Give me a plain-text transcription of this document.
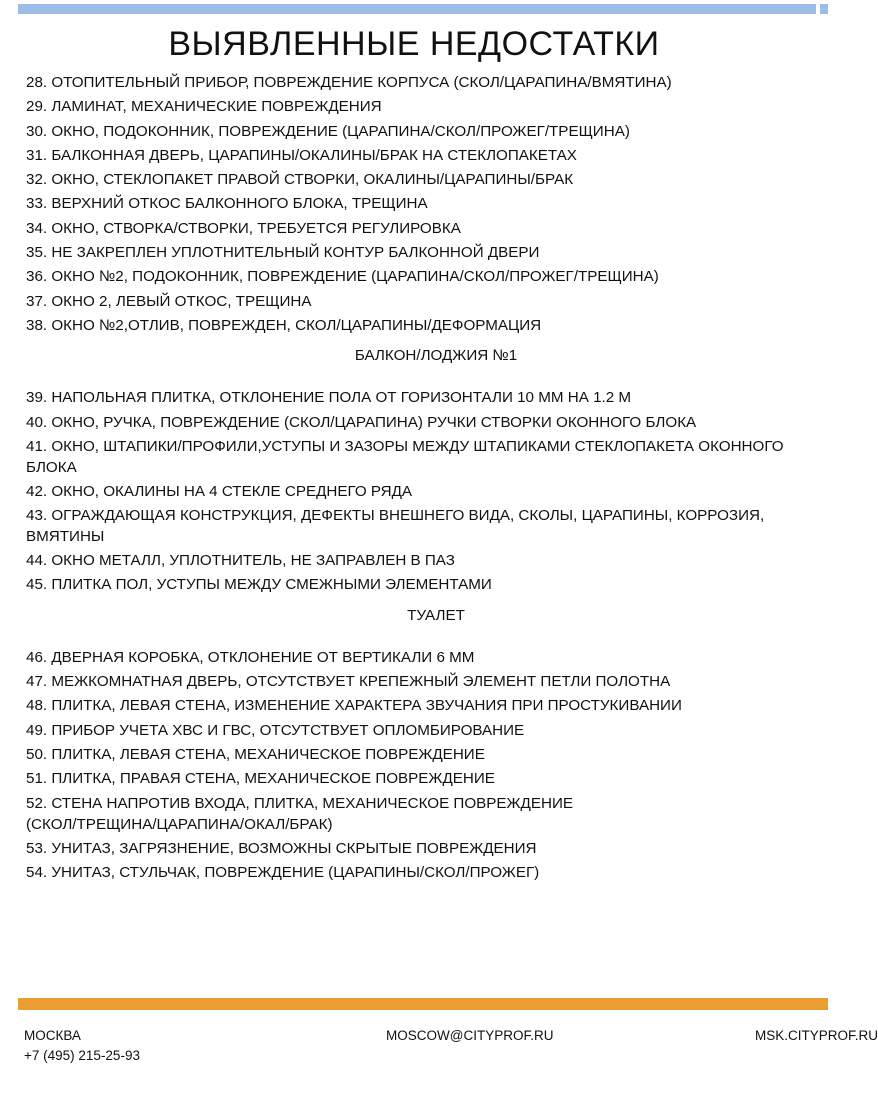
ВЫЯВЛЕННЫЕ НЕДОСТАТКИ
28. ОТОПИТЕЛЬНЫЙ ПРИБОР, ПОВРЕЖДЕНИЕ КОРПУСА (СКОЛ/ЦАРАПИНА/ВМЯТИНА)
29. ЛАМИНАТ, МЕХАНИЧЕСКИЕ ПОВРЕЖДЕНИЯ
30. ОКНО, ПОДОКОННИК, ПОВРЕЖДЕНИЕ (ЦАРАПИНА/СКОЛ/ПРОЖЕГ/ТРЕЩИНА)
31. БАЛКОННАЯ ДВЕРЬ, ЦАРАПИНЫ/ОКАЛИНЫ/БРАК НА СТЕКЛОПАКЕТАХ
32. ОКНО, СТЕКЛОПАКЕТ ПРАВОЙ СТВОРКИ, ОКАЛИНЫ/ЦАРАПИНЫ/БРАК
33. ВЕРХНИЙ ОТКОС БАЛКОННОГО БЛОКА, ТРЕЩИНА
34. ОКНО, СТВОРКА/СТВОРКИ, ТРЕБУЕТСЯ РЕГУЛИРОВКА
35. НЕ ЗАКРЕПЛЕН УПЛОТНИТЕЛЬНЫЙ КОНТУР БАЛКОННОЙ ДВЕРИ
36. ОКНО №2, ПОДОКОННИК, ПОВРЕЖДЕНИЕ (ЦАРАПИНА/СКОЛ/ПРОЖЕГ/ТРЕЩИНА)
37. ОКНО 2, ЛЕВЫЙ ОТКОС, ТРЕЩИНА
38. ОКНО №2,ОТЛИВ, ПОВРЕЖДЕН, СКОЛ/ЦАРАПИНЫ/ДЕФОРМАЦИЯ
БАЛКОН/ЛОДЖИЯ №1
39. НАПОЛЬНАЯ ПЛИТКА, ОТКЛОНЕНИЕ ПОЛА ОТ ГОРИЗОНТАЛИ 10 ММ НА 1.2 М
40. ОКНО, РУЧКА, ПОВРЕЖДЕНИЕ (СКОЛ/ЦАРАПИНА) РУЧКИ СТВОРКИ ОКОННОГО БЛОКА
41. ОКНО, ШТАПИКИ/ПРОФИЛИ,УСТУПЫ И ЗАЗОРЫ МЕЖДУ ШТАПИКАМИ СТЕКЛОПАКЕТА ОКОННОГО БЛОКА
42. ОКНО, ОКАЛИНЫ НА 4 СТЕКЛЕ СРЕДНЕГО РЯДА
43. ОГРАЖДАЮЩАЯ КОНСТРУКЦИЯ, ДЕФЕКТЫ ВНЕШНЕГО ВИДА, СКОЛЫ, ЦАРАПИНЫ, КОРРОЗИЯ, ВМЯТИНЫ
44. ОКНО МЕТАЛЛ, УПЛОТНИТЕЛЬ, НЕ ЗАПРАВЛЕН В ПАЗ
45. ПЛИТКА ПОЛ, УСТУПЫ МЕЖДУ СМЕЖНЫМИ ЭЛЕМЕНТАМИ
ТУАЛЕТ
46. ДВЕРНАЯ КОРОБКА, ОТКЛОНЕНИЕ ОТ ВЕРТИКАЛИ 6 ММ
47. МЕЖКОМНАТНАЯ ДВЕРЬ, ОТСУТСТВУЕТ КРЕПЕЖНЫЙ ЭЛЕМЕНТ ПЕТЛИ ПОЛОТНА
48. ПЛИТКА, ЛЕВАЯ СТЕНА, ИЗМЕНЕНИЕ ХАРАКТЕРА ЗВУЧАНИЯ ПРИ ПРОСТУКИВАНИИ
49. ПРИБОР УЧЕТА ХВС И ГВС, ОТСУТСТВУЕТ ОПЛОМБИРОВАНИЕ
50. ПЛИТКА, ЛЕВАЯ СТЕНА, МЕХАНИЧЕСКОЕ ПОВРЕЖДЕНИЕ
51. ПЛИТКА, ПРАВАЯ СТЕНА, МЕХАНИЧЕСКОЕ ПОВРЕЖДЕНИЕ
52. СТЕНА НАПРОТИВ ВХОДА, ПЛИТКА, МЕХАНИЧЕСКОЕ ПОВРЕЖДЕНИЕ (СКОЛ/ТРЕЩИНА/ЦАРАПИНА/ОКАЛ/БРАК)
53. УНИТАЗ, ЗАГРЯЗНЕНИЕ, ВОЗМОЖНЫ СКРЫТЫЕ ПОВРЕЖДЕНИЯ
54. УНИТАЗ, СТУЛЬЧАК, ПОВРЕЖДЕНИЕ (ЦАРАПИНЫ/СКОЛ/ПРОЖЕГ)
МОСКВА
+7 (495) 215-25-93
MOSCOW@CITYPROF.RU	MSK.CITYPROF.RU
